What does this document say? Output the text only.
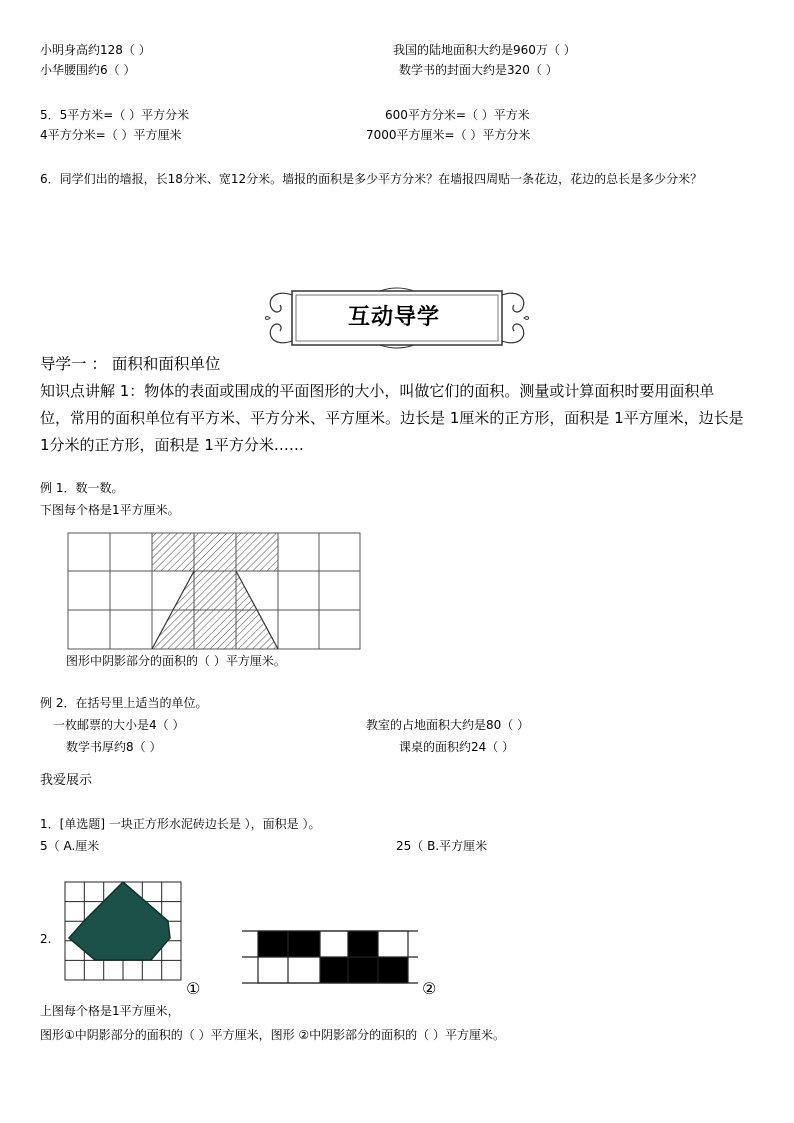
小明身高约128（ ）	我国的陆地面积大约是960万（ ）
小华腰围约6（ ）	数学书的封面大约是320（ ）
5．5平方米=（ ）平方分米	600平方分米=（ ）平方米
4平方分米=（ ）平方厘米	7000平方厘米=（ ）平方分米
6．同学们出的墙报，长18分米、宽12分米。墙报的面积是多少平方分米？在墙报四周贴一条花边，花边的总长是多少分米？
互动导学
导学一 ： 面积和面积单位
知识点讲解 1：物体的表面或围成的平面图形的大小，叫做它们的面积。测量或计算面积时要用面积单
位，常用的面积单位有平方米、平方分米、平方厘米。边长是 1厘米的正方形，面积是 1平方厘米，边长是
1分米的正方形，面积是 1平方分米……
例 1．数一数。
下图每个格是1平方厘米。
图形中阴影部分的面积的（ ）平方厘米。
例 2．在括号里上适当的单位。
一枚邮票的大小是4（ ）	教室的占地面积大约是80（ ）
数学书厚约8（ ）	课桌的面积约24（ ）
我爱展示
1．[单选题] 一块正方形水泥砖边长是 ），面积是 ）。
5（ A.厘米	25（ B.平方厘米
2.
①	②
上图每个格是1平方厘米，
图形①中阴影部分的面积的（ ）平方厘米，图形 ②中阴影部分的面积的（ ）平方厘米。
